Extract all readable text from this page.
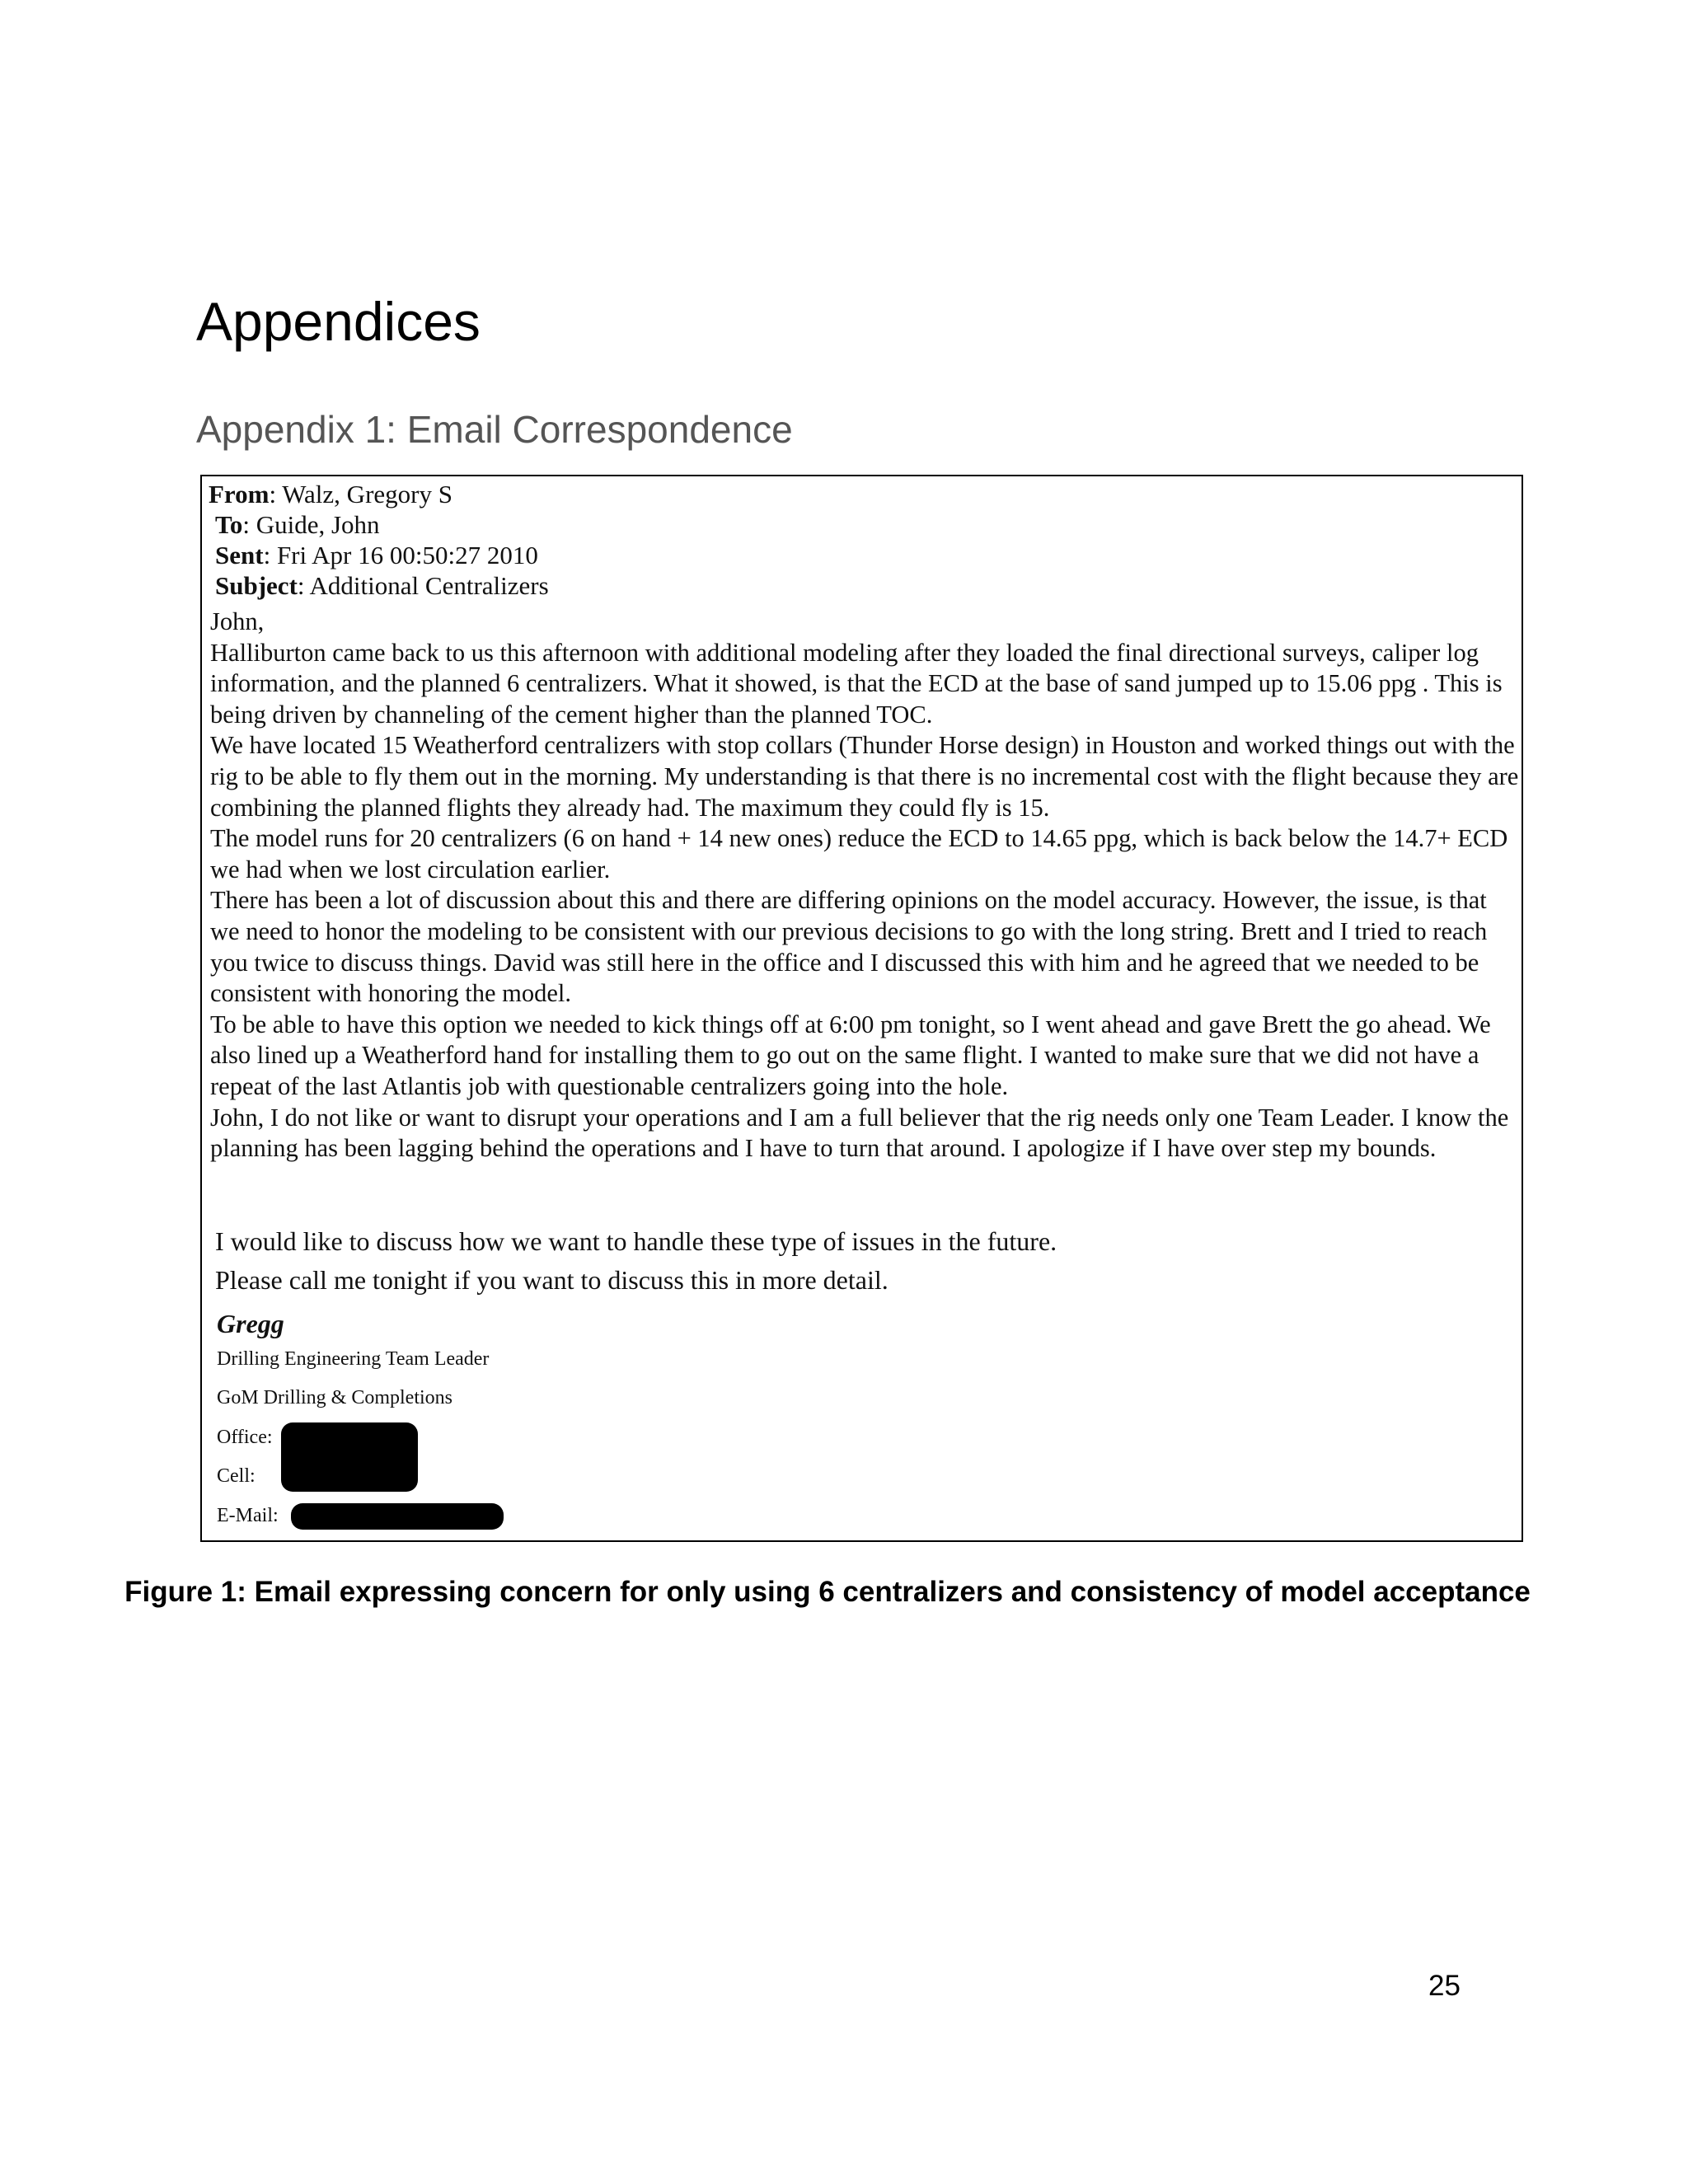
Appendices
Appendix 1: Email Correspondence
From: Walz, Gregory S
To: Guide, John
Sent: Fri Apr 16 00:50:27 2010
Subject: Additional Centralizers

John,

Halliburton came back to us this afternoon with additional modeling after they loaded the final directional surveys, caliper log information, and the planned 6 centralizers. What it showed, is that the ECD at the base of sand jumped up to 15.06 ppg . This is being driven by channeling of the cement higher than the planned TOC.

We have located 15 Weatherford centralizers with stop collars (Thunder Horse design) in Houston and worked things out with the rig to be able to fly them out in the morning. My understanding is that there is no incremental cost with the flight because they are combining the planned flights they already had. The maximum they could fly is 15.

The model runs for 20 centralizers (6 on hand + 14 new ones) reduce the ECD to 14.65 ppg, which is back below the 14.7+ ECD we had when we lost circulation earlier.

There has been a lot of discussion about this and there are differing opinions on the model accuracy. However, the issue, is that we need to honor the modeling to be consistent with our previous decisions to go with the long string. Brett and I tried to reach you twice to discuss things. David was still here in the office and I discussed this with him and he agreed that we needed to be consistent with honoring the model.

To be able to have this option we needed to kick things off at 6:00 pm tonight, so I went ahead and gave Brett the go ahead. We also lined up a Weatherford hand for installing them to go out on the same flight. I wanted to make sure that we did not have a repeat of the last Atlantis job with questionable centralizers going into the hole.

John, I do not like or want to disrupt your operations and I am a full believer that the rig needs only one Team Leader. I know the planning has been lagging behind the operations and I have to turn that around. I apologize if I have over step my bounds.

I would like to discuss how we want to handle these type of issues in the future.
Please call me tonight if you want to discuss this in more detail.
Gregg
Drilling Engineering Team Leader
GoM Drilling & Completions
Office:
Cell:
E-Mail:

Figure 1: Email expressing concern for only using 6 centralizers and consistency of model acceptance

25
